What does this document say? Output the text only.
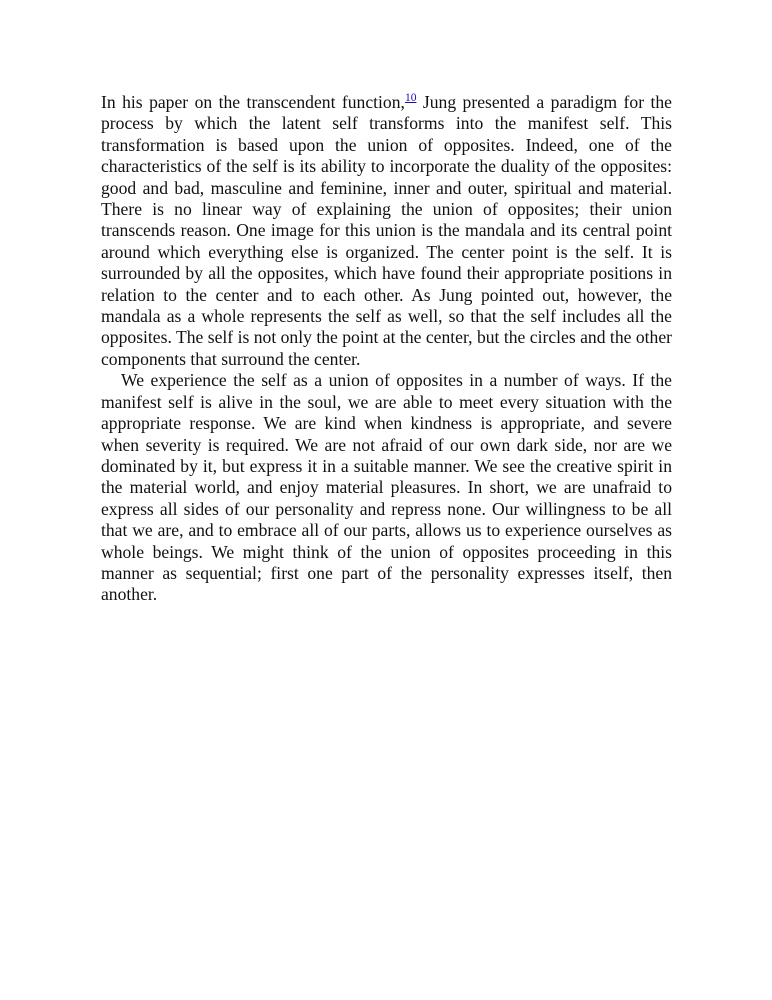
In his paper on the transcendent function,$^{10}$ Jung presented a paradigm for the process by which the latent self transforms into the manifest self. This transformation is based upon the union of opposites. Indeed, one of the characteristics of the self is its ability to incorporate the duality of the opposites: good and bad, masculine and feminine, inner and outer, spiritual and material. There is no linear way of explaining the union of opposites; their union transcends reason. One image for this union is the mandala and its central point around which everything else is organized. The center point is the self. It is surrounded by all the opposites, which have found their appropriate positions in relation to the center and to each other. As Jung pointed out, however, the mandala as a whole represents the self as well, so that the self includes all the opposites. The self is not only the point at the center, but the circles and the other components that surround the center.

We experience the self as a union of opposites in a number of ways. If the manifest self is alive in the soul, we are able to meet every situation with the appropriate response. We are kind when kindness is appropriate, and severe when severity is required. We are not afraid of our own dark side, nor are we dominated by it, but express it in a suitable manner. We see the creative spirit in the material world, and enjoy material pleasures. In short, we are unafraid to express all sides of our personality and repress none. Our willingness to be all that we are, and to embrace all of our parts, allows us to experience ourselves as whole beings. We might think of the union of opposites proceeding in this manner as sequential; first one part of the personality expresses itself, then another.
